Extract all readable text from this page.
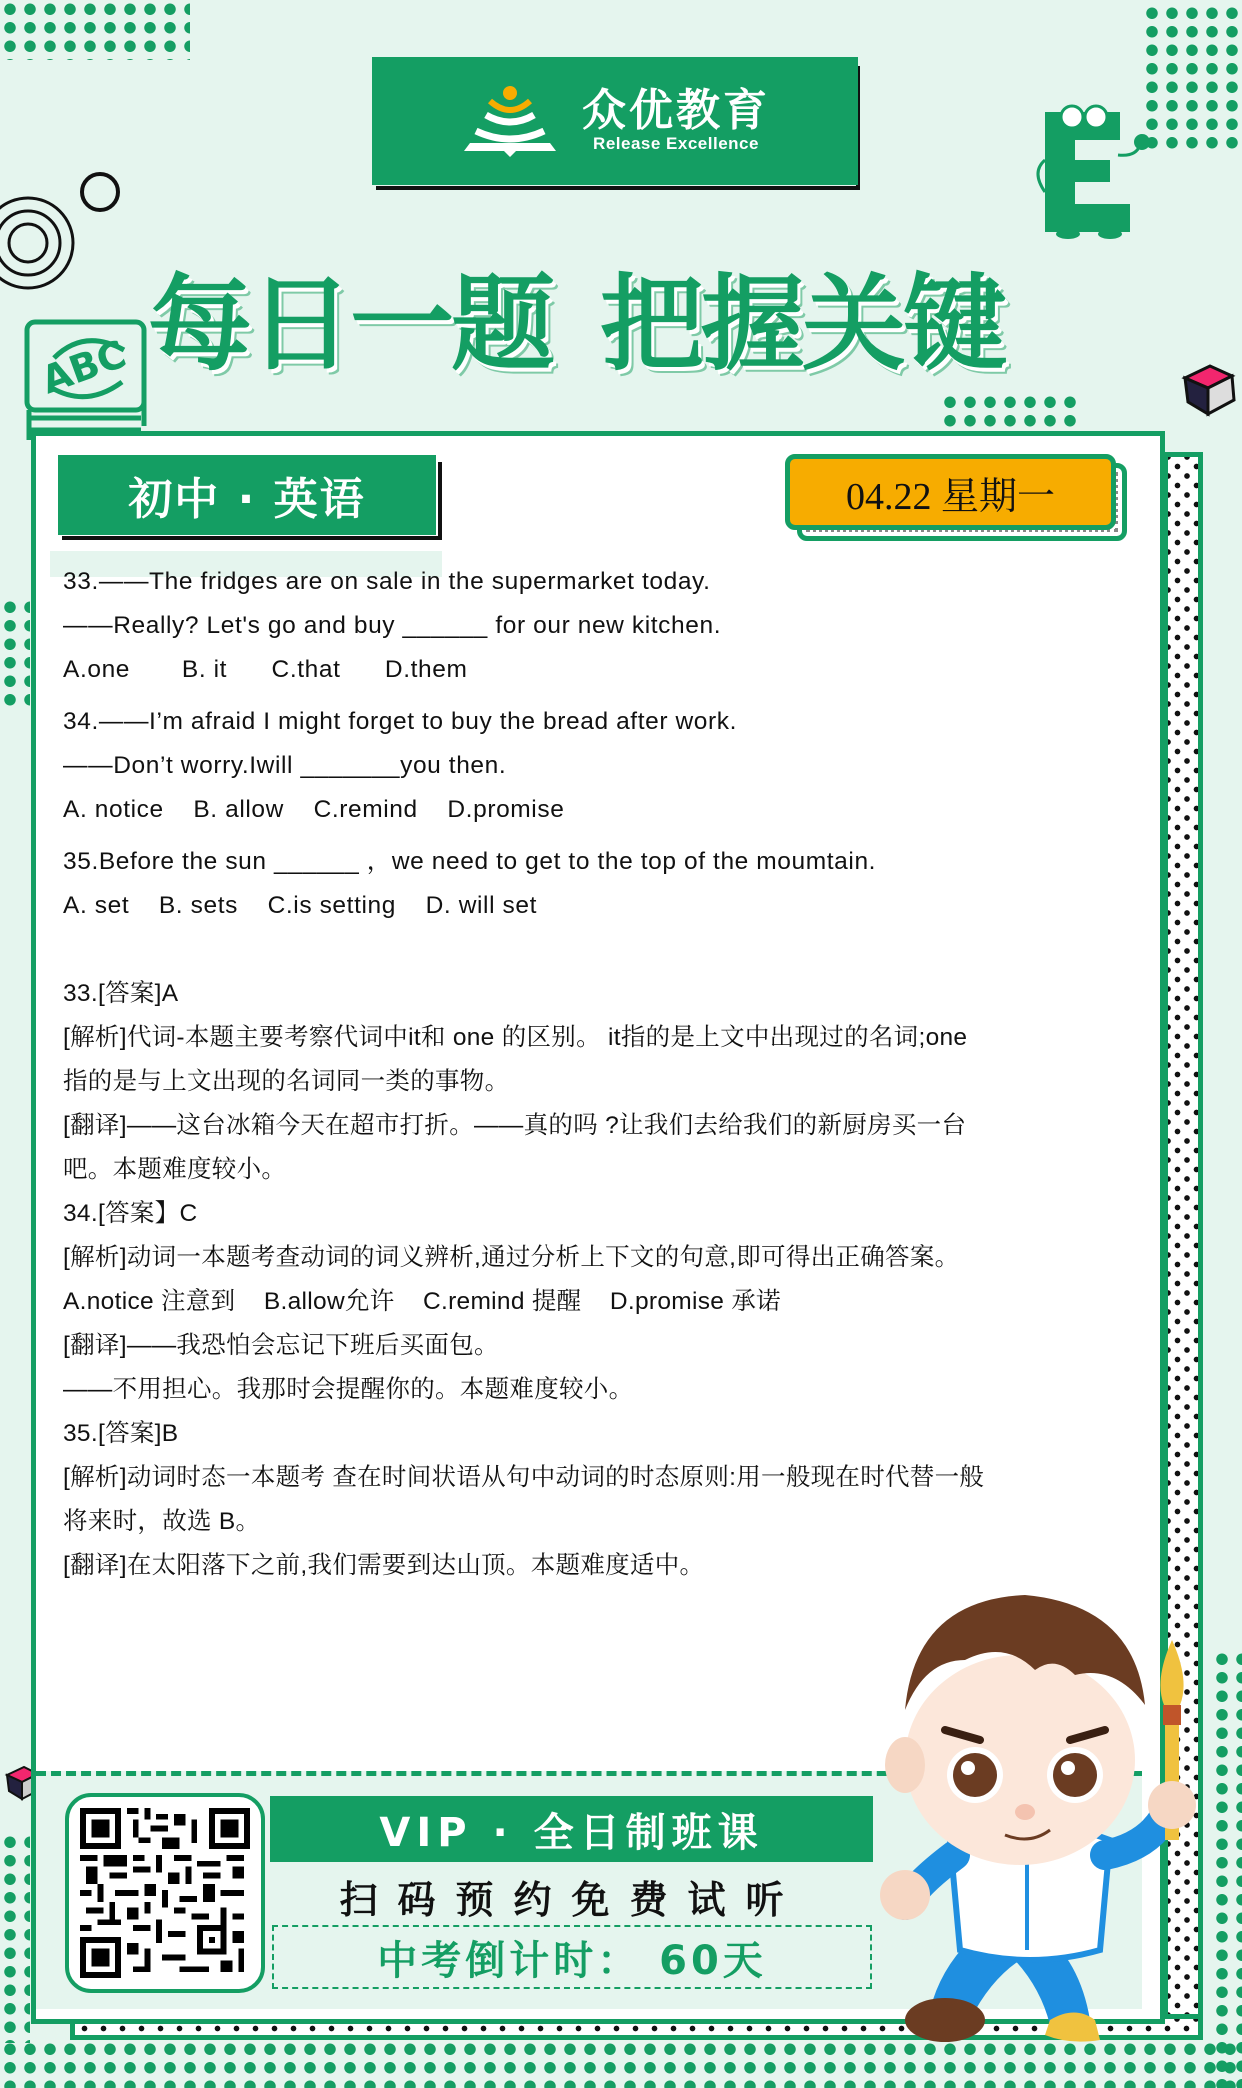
ABC
众优教育
Release Excellence
每日一题 把握关键
初中 · 英语	04.22 星期一
33.——The fridges are on sale in the supermarket today.
——Really? Let's go and buy ______ for our new kitchen.
A.one       B. it      C.that      D.them
34.——I’m afraid I might forget to buy the bread after work.
——Don’t worry.Iwill _______you then.
A. notice    B. allow    C.remind    D.promise
35.Before the sun ______ ，we need to get to the top of the moumtain.
A. set    B. sets    C.is setting    D. will set
33.[答案]A
[解析]代词-本题主要考察代词中it和 one 的区别。 it指的是上文中出现过的名词;one
指的是与上文出现的名词同一类的事物。
[翻译]——这台冰箱今天在超市打折。——真的吗 ?让我们去给我们的新厨房买一台
吧。本题难度较小。
34.[答案】C
[解析]动词一本题考查动词的词义辨析,通过分析上下文的句意,即可得出正确答案。
A.notice 注意到    B.allow允许    C.remind 提醒    D.promise 承诺
[翻译]——我恐怕会忘记下班后买面包。
——不用担心。我那时会提醒你的。本题难度较小。
35.[答案]B
[解析]动词时态一本题考 查在时间状语从句中动词的时态原则:用一般现在时代替一般
将来时，故选 B。
[翻译]在太阳落下之前,我们需要到达山顶。本题难度适中。
VIP · 全日制班课
扫码预约免费试听
中考倒计时： 60天
